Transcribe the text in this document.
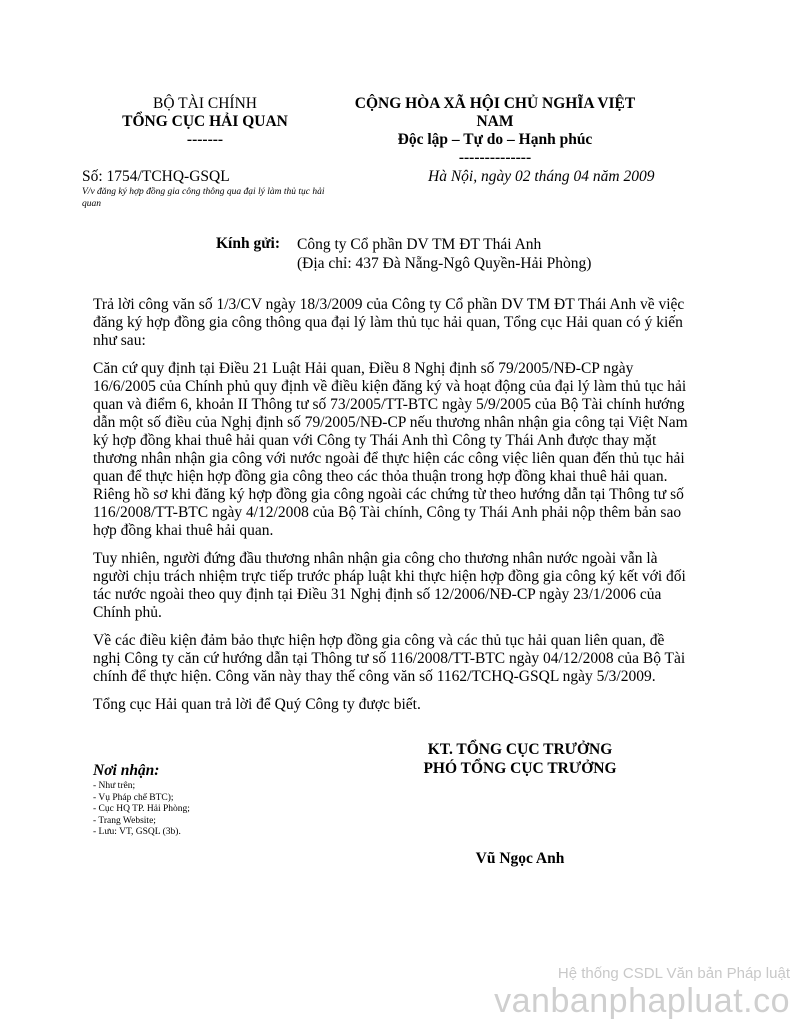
BỘ TÀI CHÍNH
TỔNG CỤC HẢI QUAN
-------
CỘNG HÒA XÃ HỘI CHỦ NGHĨA VIỆT NAM
Độc lập – Tự do – Hạnh phúc
--------------
Số: 1754/TCHQ-GSQL
V/v đăng ký hợp đồng gia công thông qua đại lý làm thủ tục hải quan
Hà Nội, ngày 02 tháng 04 năm 2009
Kính gửi: Công ty Cổ phần DV TM ĐT Thái Anh
(Địa chỉ: 437 Đà Nẵng-Ngô Quyền-Hải Phòng)

Trả lời công văn số 1/3/CV ngày 18/3/2009 của Công ty Cổ phần DV TM ĐT Thái Anh về việc đăng ký hợp đồng gia công thông qua đại lý làm thủ tục hải quan, Tổng cục Hải quan có ý kiến như sau:

Căn cứ quy định tại Điều 21 Luật Hải quan, Điều 8 Nghị định số 79/2005/NĐ-CP ngày 16/6/2005 của Chính phủ quy định về điều kiện đăng ký và hoạt động của đại lý làm thủ tục hải quan và điểm 6, khoản II Thông tư số 73/2005/TT-BTC ngày 5/9/2005 của Bộ Tài chính hướng dẫn một số điều của Nghị định số 79/2005/NĐ-CP nếu thương nhân nhận gia công tại Việt Nam ký hợp đồng khai thuê hải quan với Công ty Thái Anh thì Công ty Thái Anh được thay mặt thương nhân nhận gia công với nước ngoài để thực hiện các công việc liên quan đến thủ tục hải quan để thực hiện hợp đồng gia công theo các thỏa thuận trong hợp đồng khai thuê hải quan. Riêng hồ sơ khi đăng ký hợp đồng gia công ngoài các chứng từ theo hướng dẫn tại Thông tư số 116/2008/TT-BTC ngày 4/12/2008 của Bộ Tài chính, Công ty Thái Anh phải nộp thêm bản sao hợp đồng khai thuê hải quan.

Tuy nhiên, người đứng đầu thương nhân nhận gia công cho thương nhân nước ngoài vẫn là người chịu trách nhiệm trực tiếp trước pháp luật khi thực hiện hợp đồng gia công ký kết với đối tác nước ngoài theo quy định tại Điều 31 Nghị định số 12/2006/NĐ-CP ngày 23/1/2006 của Chính phủ.

Về các điều kiện đảm bảo thực hiện hợp đồng gia công và các thủ tục hải quan liên quan, đề nghị Công ty căn cứ hướng dẫn tại Thông tư số 116/2008/TT-BTC ngày 04/12/2008 của Bộ Tài chính để thực hiện. Công văn này thay thế công văn số 1162/TCHQ-GSQL ngày 5/3/2009.

Tổng cục Hải quan trả lời để Quý Công ty được biết.

KT. TỔNG CỤC TRƯỞNG
PHÓ TỔNG CỤC TRƯỞNG
Vũ Ngọc Anh
Nơi nhận:
- Như trên;
- Vụ Pháp chế BTC);
- Cục HQ TP. Hải Phòng;
- Trang Website;
- Lưu: VT, GSQL (3b).
Hệ thống CSDL Văn bản Pháp luật
vanbanphapluat.co
